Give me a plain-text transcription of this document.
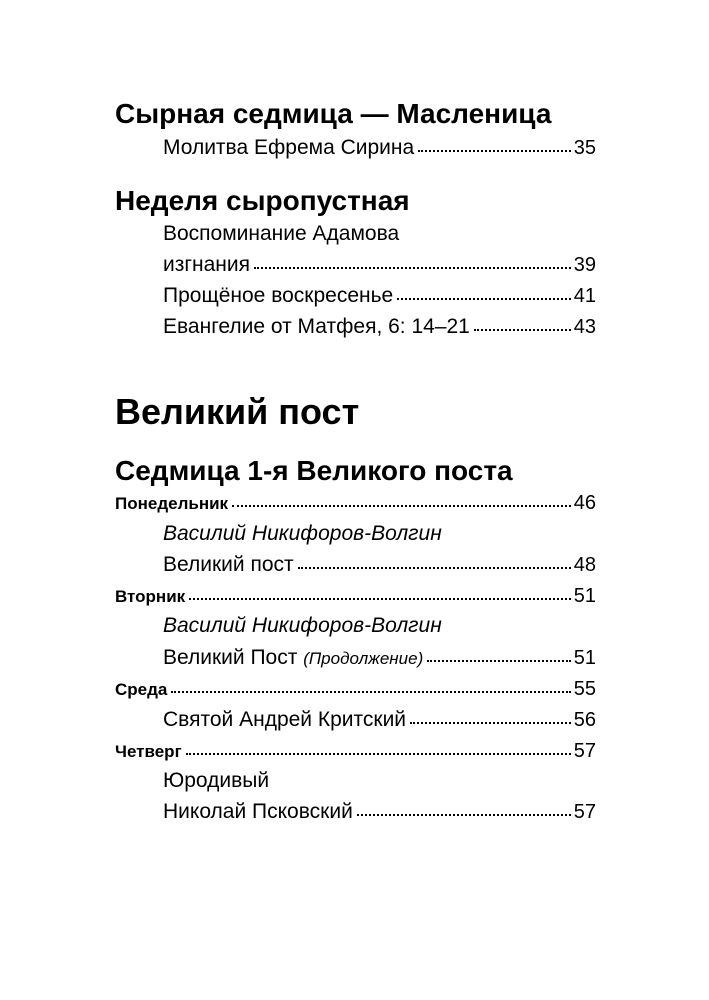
Сырная седмица — Масленица
Молитва Ефрема Сирина	35
Неделя сыропустная
Воспоминание Адамова
изгнания	39
Прощёное воскресенье	41
Евангелие от Матфея, 6: 14–21	43
Великий пост
Седмица 1-я Великого поста
Понедельник	46
Василий Никифоров-Волгин
Великий пост	48
Вторник	51
Василий Никифоров-Волгин
Великий Пост (Продолжение)	51
Среда	55
Святой Андрей Критский	56
Четверг	57
Юродивый
Николай Псковский	57
